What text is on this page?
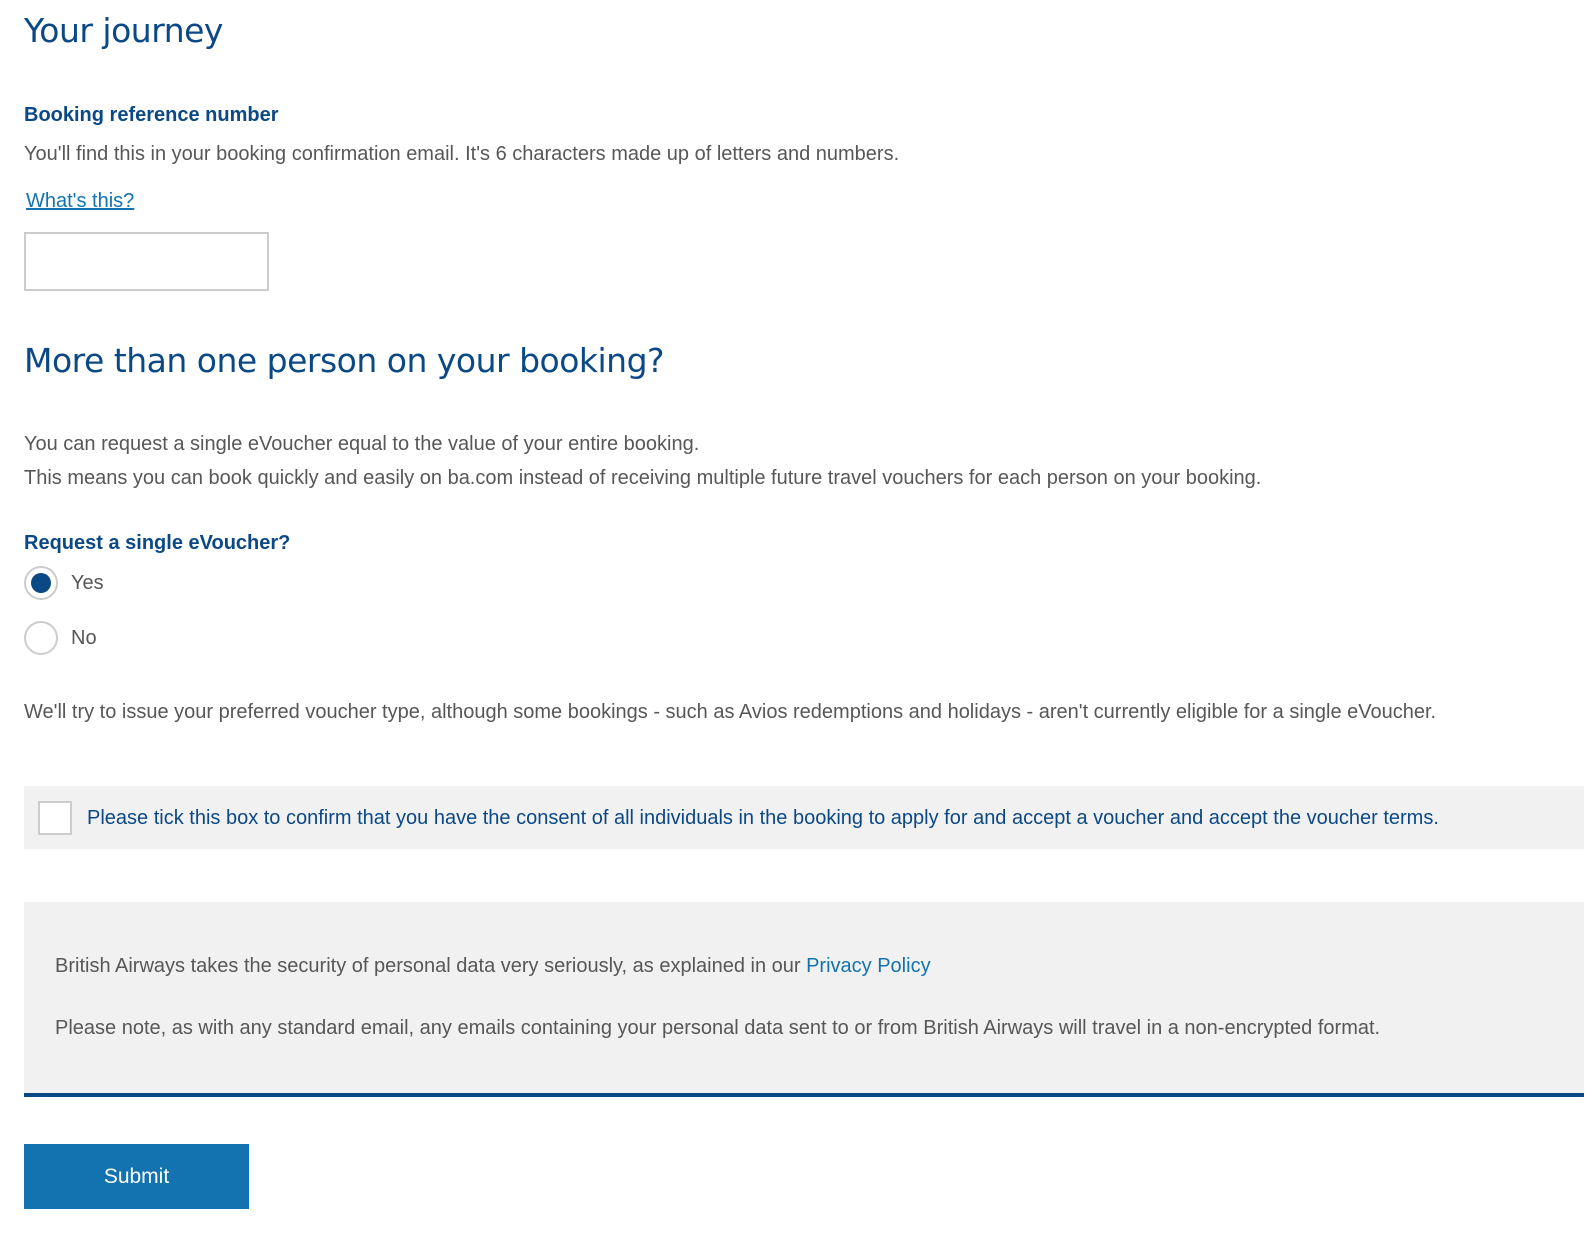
Your journey
Booking reference number
You'll find this in your booking confirmation email. It's 6 characters made up of letters and numbers.
What's this?
More than one person on your booking?
You can request a single eVoucher equal to the value of your entire booking.
This means you can book quickly and easily on ba.com instead of receiving multiple future travel vouchers for each person on your booking.
Request a single eVoucher?
Yes
No
We'll try to issue your preferred voucher type, although some bookings - such as Avios redemptions and holidays - aren't currently eligible for a single eVoucher.
Please tick this box to confirm that you have the consent of all individuals in the booking to apply for and accept a voucher and accept the voucher terms.
British Airways takes the security of personal data very seriously, as explained in our Privacy Policy
Please note, as with any standard email, any emails containing your personal data sent to or from British Airways will travel in a non-encrypted format.
Submit
